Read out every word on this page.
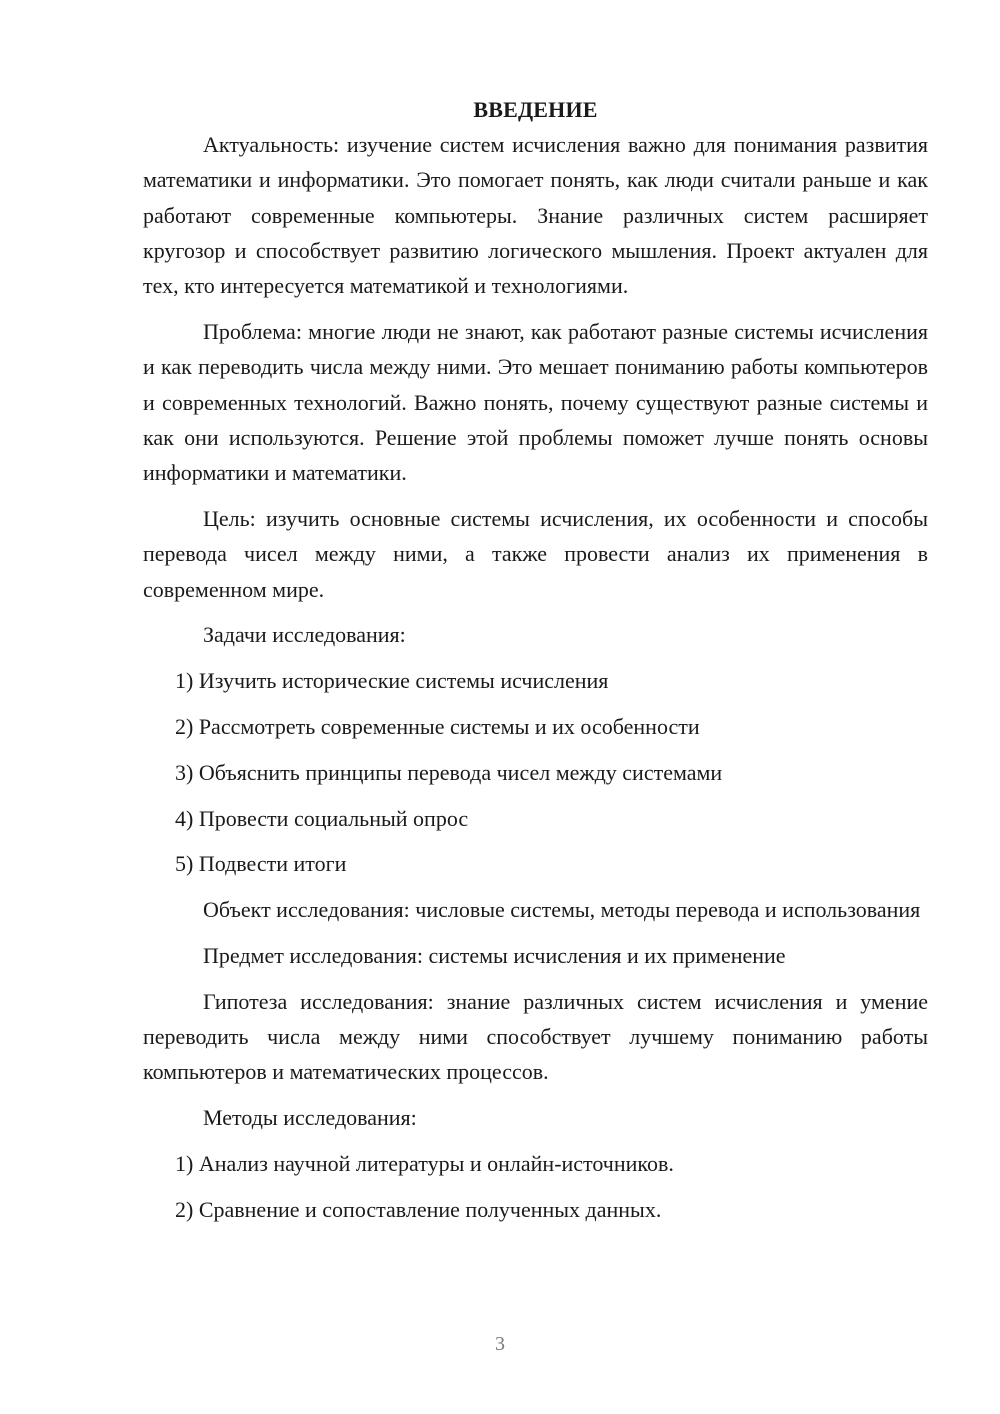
ВВЕДЕНИЕ

Актуальность: изучение систем исчисления важно для понимания развития математики и информатики. Это помогает понять, как люди считали раньше и как работают современные компьютеры. Знание различных систем расширяет кругозор и способствует развитию логического мышления. Проект актуален для тех, кто интересуется математикой и технологиями.

Проблема: многие люди не знают, как работают разные системы исчисления и как переводить числа между ними. Это мешает пониманию работы компьютеров и современных технологий. Важно понять, почему существуют разные системы и как они используются. Решение этой проблемы поможет лучше понять основы информатики и математики.

Цель: изучить основные системы исчисления, их особенности и способы перевода чисел между ними, а также провести анализ их применения в современном мире.

Задачи исследования:

1) Изучить исторические системы исчисления
2) Рассмотреть современные системы и их особенности
3) Объяснить принципы перевода чисел между системами
4) Провести социальный опрос
5) Подвести итоги

Объект исследования: числовые системы, методы перевода и использования

Предмет исследования: системы исчисления и их применение

Гипотеза исследования: знание различных систем исчисления и умение переводить числа между ними способствует лучшему пониманию работы компьютеров и математических процессов.

Методы исследования:

1) Анализ научной литературы и онлайн-источников.
2) Сравнение и сопоставление полученных данных.
3
